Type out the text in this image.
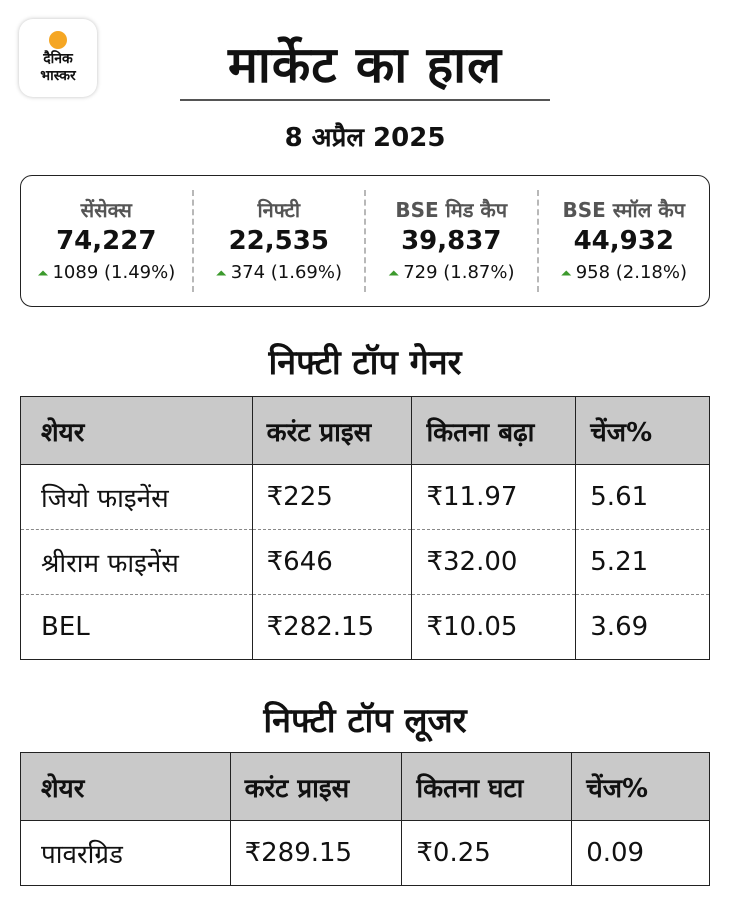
दैनिक
भास्कर	मार्केट का हाल
8 अप्रैल 2025
सेंसेक्स
74,227
⏶ 1089 (1.49%)
निफ्टी
22,535
⏶ 374 (1.69%)
BSE मिड कैप
39,837
⏶ 729 (1.87%)
BSE स्मॉल कैप
44,932
⏶ 958 (2.18%)
निफ्टी टॉप गेनर
शेयर	करंट प्राइस	कितना बढ़ा	चेंज%
जियो फाइनेंस	₹225	₹11.97	5.61
श्रीराम फाइनेंस	₹646	₹32.00	5.21
BEL	₹282.15	₹10.05	3.69
निफ्टी टॉप लूजर
शेयर	करंट प्राइस	कितना घटा	चेंज%
पावरग्रिड	₹289.15	₹0.25	0.09
